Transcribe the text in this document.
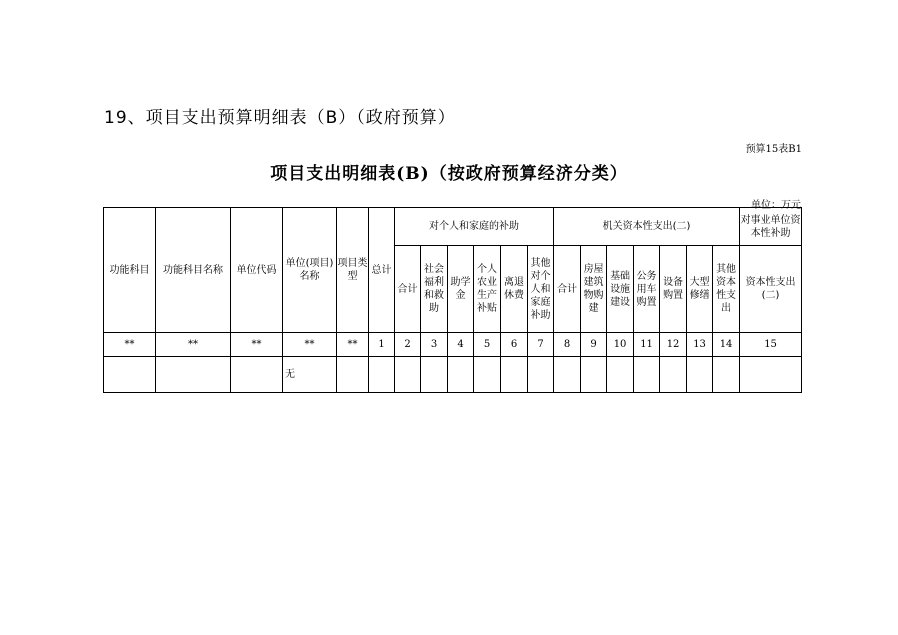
19、项目支出预算明细表（B）（政府预算）
预算15表B1
项目支出明细表(B)（按政府预算经济分类）
单位：万元
功能科目	功能科目名称	单位代码	单位(项目)名称	项目类型	总计	对个人和家庭的补助						机关资本性支出(二)							对事业单位资本性补助
						合计	社会福利和救助	助学金	个人农业生产补贴	离退休费	其他对个人和家庭补助	合计	房屋建筑物购建	基础设施建设	公务用车购置	设备购置	大型修缮	其他资本性支出	资本性支出(二)
**	**	**	**	**	1	2	3	4	5	6	7	8	9	10	11	12	13	14	15
			无																
